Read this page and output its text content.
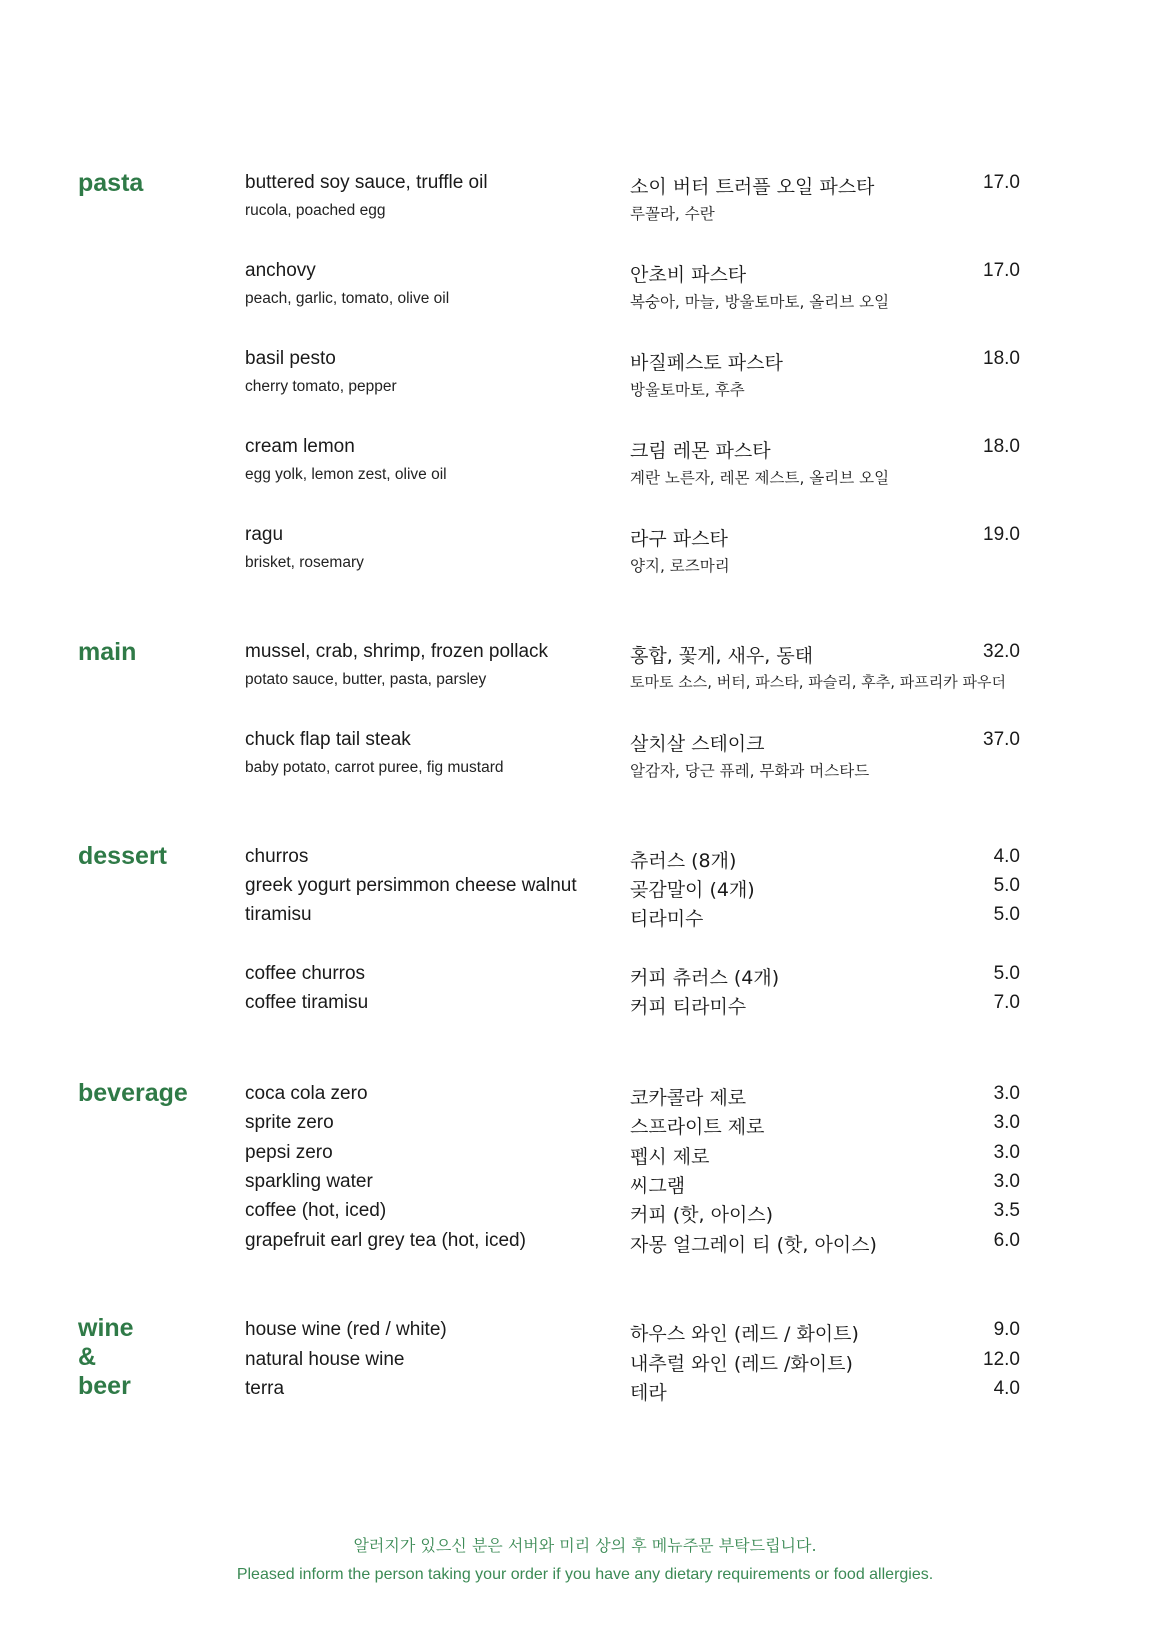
pasta	buttered soy sauce, truffle oil	소이 버터 트러플 오일 파스타	17.0
rucola, poached egg	루꼴라, 수란
anchovy	안초비 파스타	17.0
peach, garlic, tomato, olive oil	복숭아, 마늘, 방울토마토, 올리브 오일
basil pesto	바질페스토 파스타	18.0
cherry tomato, pepper	방울토마토, 후추
cream lemon	크림 레몬 파스타	18.0
egg yolk, lemon zest, olive oil	계란 노른자, 레몬 제스트, 올리브 오일
ragu	라구 파스타	19.0
brisket, rosemary	양지, 로즈마리
main	mussel, crab, shrimp, frozen pollack	홍합, 꽃게, 새우, 동태	32.0
potato sauce, butter, pasta, parsley	토마토 소스, 버터, 파스타, 파슬리, 후추, 파프리카 파우더
chuck flap tail steak	살치살 스테이크	37.0
baby potato, carrot puree, fig mustard	알감자, 당근 퓨레, 무화과 머스타드
dessert	churros	츄러스 (8개)	4.0
greek yogurt persimmon cheese walnut	곶감말이 (4개)	5.0
tiramisu	티라미수	5.0
coffee churros	커피 츄러스 (4개)	5.0
coffee tiramisu	커피 티라미수	7.0
beverage	coca cola zero	코카콜라 제로	3.0
sprite zero	스프라이트 제로	3.0
pepsi zero	펩시 제로	3.0
sparkling water	씨그램	3.0
coffee (hot, iced)	커피 (핫, 아이스)	3.5
grapefruit earl grey tea (hot, iced)	자몽 얼그레이 티 (핫, 아이스)	6.0
wine
&
beer
house wine (red / white)	하우스 와인 (레드 / 화이트)	9.0
natural house wine	내추럴 와인 (레드 /화이트)	12.0
terra	테라	4.0
알러지가 있으신 분은 서버와 미리 상의 후 메뉴주문 부탁드립니다.
Pleased inform the person taking your order if you have any dietary requirements or food allergies.
